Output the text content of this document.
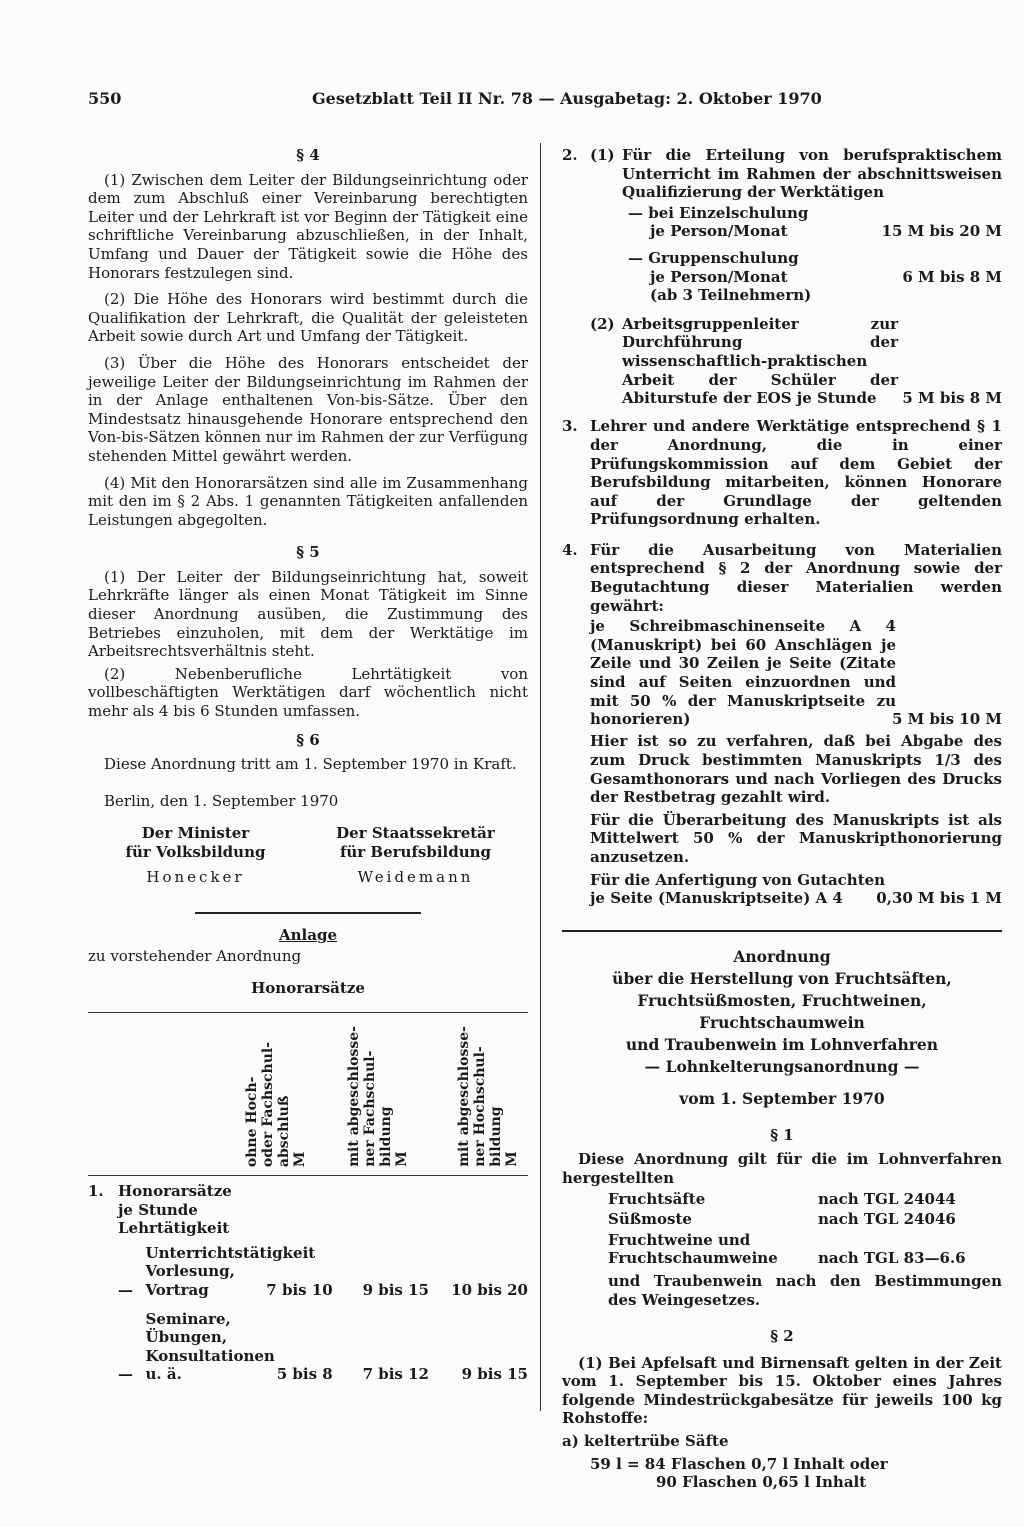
550	Gesetzblatt Teil II Nr. 78 — Ausgabetag: 2. Oktober 1970

§ 4

(1) Zwischen dem Leiter der Bildungseinrichtung oder dem zum Abschluß einer Vereinbarung berechtigten Leiter und der Lehrkraft ist vor Beginn der Tätigkeit eine schriftliche Vereinbarung abzuschließen, in der Inhalt, Umfang und Dauer der Tätigkeit sowie die Höhe des Honorars festzulegen sind.

(2) Die Höhe des Honorars wird bestimmt durch die Qualifikation der Lehrkraft, die Qualität der geleisteten Arbeit sowie durch Art und Umfang der Tätigkeit.

(3) Über die Höhe des Honorars entscheidet der jeweilige Leiter der Bildungseinrichtung im Rahmen der in der Anlage enthaltenen Von-bis-Sätze. Über den Mindestsatz hinausgehende Honorare entsprechend den Von-bis-Sätzen können nur im Rahmen der zur Verfügung stehenden Mittel gewährt werden.

(4) Mit den Honorarsätzen sind alle im Zusammenhang mit den im § 2 Abs. 1 genannten Tätigkeiten anfallenden Leistungen abgegolten.

§ 5

(1) Der Leiter der Bildungseinrichtung hat, soweit Lehrkräfte länger als einen Monat Tätigkeit im Sinne dieser Anordnung ausüben, die Zustimmung des Betriebes einzuholen, mit dem der Werktätige im Arbeitsrechtsverhältnis steht.

(2) Nebenberufliche Lehrtätigkeit von vollbeschäftigten Werktätigen darf wöchentlich nicht mehr als 4 bis 6 Stunden umfassen.

§ 6

Diese Anordnung tritt am 1. September 1970 in Kraft.

Berlin, den 1. September 1970

Der Minister

für Volksbildung

Honecker

Der Staatssekretär

für Berufsbildung

Weidemann

Anlage

zu vorstehender Anordnung

Honorarsätze

ohne Hoch-
oder Fachschul-
abschluß
M	mit abgeschlosse-
ner Fachschul-
bildung
M	mit abgeschlosse-
ner Hochschul-
bildung
M
1. Honorarsätze je Stunde Lehrtätigkeit
—
Unterrichtstätigkeit Vorlesung, Vortrag	7 bis 10	9 bis 15	10 bis 20
—
Seminare, Übungen, Konsultationen u. ä.	5 bis 8	7 bis 12	9 bis 15
2. (1) Für die Erteilung von berufspraktischem Unterricht im Rahmen der abschnittsweisen Qualifizierung der Werktätigen

— bei Einzelschulung

je Person/Monat	15 M bis 20 M

— Gruppenschulung

je Person/Monat	6 M bis 8 M

(ab 3 Teilnehmern)

(2) Arbeitsgruppenleiter zur Durchführung der wissenschaftlich-praktischen Arbeit der Schüler der Abiturstufe der EOS je Stunde	5 M bis 8 M
3. Lehrer und andere Werktätige entsprechend § 1 der Anordnung, die in einer Prüfungskommission auf dem Gebiet der Berufsbildung mitarbeiten, können Honorare auf der Grundlage der geltenden Prüfungsordnung erhalten.
4. Für die Ausarbeitung von Materialien entsprechend § 2 der Anordnung sowie der Begutachtung dieser Materialien werden gewährt:

je Schreibmaschinenseite A 4 (Manuskript) bei 60 Anschlägen je Zeile und 30 Zeilen je Seite (Zitate sind auf Seiten einzuordnen und mit 50 % der Manuskriptseite zu honorieren)	5 M bis 10 M

Hier ist so zu verfahren, daß bei Abgabe des zum Druck bestimmten Manuskripts 1/3 des Gesamthonorars und nach Vorliegen des Drucks der Restbetrag gezahlt wird.

Für die Überarbeitung des Manuskripts ist als Mittelwert 50 % der Manuskripthonorierung anzusetzen.

Für die Anfertigung von Gutachten

je Seite (Manuskriptseite) A 4 0,30 M bis 1 M

Anordnung

über die Herstellung von Fruchtsäften,

Fruchtsüßmosten, Fruchtweinen, Fruchtschaumwein

und Traubenwein im Lohnverfahren

— Lohnkelterungsanordnung —

vom 1. September 1970

§ 1

Diese Anordnung gilt für die im Lohnverfahren hergestellten

Fruchtsäfte	nach TGL 24044
Süßmoste	nach TGL 24046
Fruchtweine und Fruchtschaumweine	nach TGL 83—6.6

und Traubenwein nach den Bestimmungen des Weingesetzes.

§ 2

(1) Bei Apfelsaft und Birnensaft gelten in der Zeit vom 1. September bis 15. Oktober eines Jahres folgende Mindestrückgabesätze für jeweils 100 kg Rohstoffe:

a) keltertrübe Säfte

59 l = 84 Flaschen 0,7 l Inhalt oder

90 Flaschen 0,65 l Inhalt
